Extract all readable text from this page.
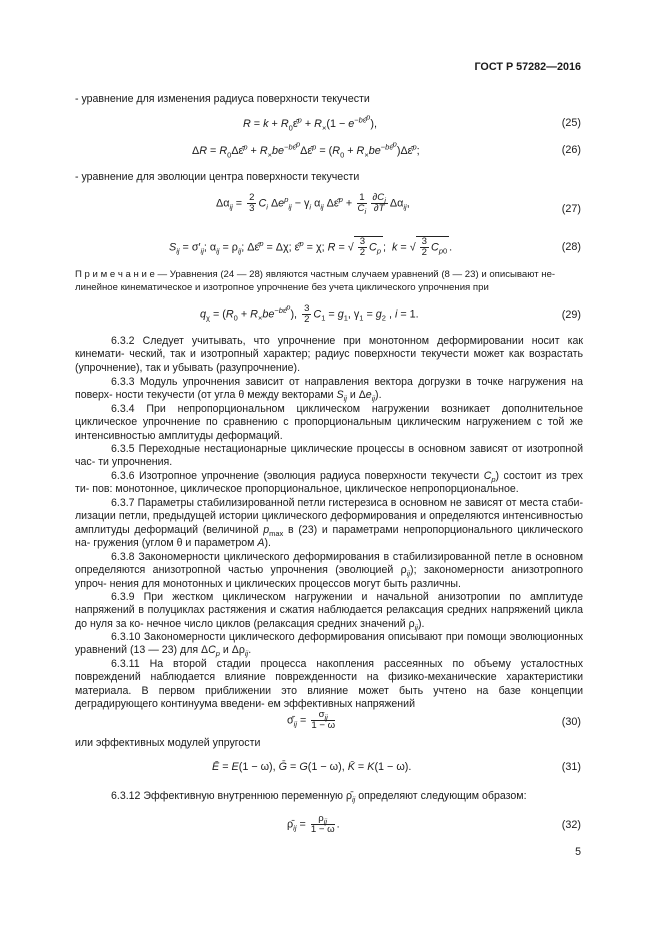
ГОСТ Р 57282—2016
- уравнение для изменения радиуса поверхности текучести
$R = k + R_0\varepsilon̂^p + R_\times(1 - e^{-b\varepsilon̂^p})$,	(25)
$\Delta R = R_0\Delta\varepsilon̂^p$ + $R_\times be^{-b\varepsilon̂^p}\Delta\varepsilon̂^p = (R_0$ + $R_\times be^{-b\varepsilon̄^p})\Delta\varepsilon̂^p$;	(26)
- уравнение для эволюции центра поверхности текучести
$\Delta\alpha_{ij} = \frac{2}{3} C_i$ $\Delta e^p_{ij} - \gamma_i$ $\alpha_{ij}$ Δε̂$^p$ + $\frac{1}{C_i} \frac{\partial C_i}{\partial T} \Delta\alpha_{ij}$,	(27)
$S_{ij} = \sigma'_{ij}$; $\alpha_{ij} = \rho_{ij}$; Δε̂$^p$ = Δχ; ε̂$^p$ = χ; R = √ $\frac{3}{2} C_p$ ;  k = √ $\frac{3}{2} C_{p0}$ .	(28)
П р и м е ч а н и е — Уравнения (24 — 28) являются частным случаем уравнений (8 — 23) и описывают не-
линейное кинематическое и изотропное упрочнение без учета циклического упрочнения при
$q_\chi = (R_0 + R_\times be^{-b\varepsilon̂^p})$, $\frac{3}{2} C_1 = g_1$, $\gamma_1 = g_2$ , i = 1.	(29)
6.3.2 Следует учитывать, что упрочнение при монотонном деформировании носит как кинемати- ческий, так и изотропный характер; радиус поверхности текучести может как возрастать (упрочнение), так и убывать (разупрочнение).
6.3.3 Модуль упрочнения зависит от направления вектора догрузки в точке нагружения на поверх- ности текучести (от угла θ между векторами $S_{ij}$ и $\Delta e_{ij}$).
6.3.4 При непропорциональном циклическом нагружении возникает дополнительное циклическое упрочнение по сравнению с пропорциональным циклическим нагружением с той же интенсивностью амплитуды деформаций.
6.3.5 Переходные нестационарные циклические процессы в основном зависят от изотропной час- ти упрочнения.
6.3.6 Изотропное упрочнение (эволюция радиуса поверхности текучести $C_p$) состоит из трех ти- пов: монотонное, циклическое пропорциональное, циклическое непропорциональное.
6.3.7 Параметры стабилизированной петли гистерезиса в основном не зависят от места стаби- лизации петли, предыдущей истории циклического деформирования и определяются интенсивностью амплитуды деформаций (величиной $p_{max}$ в (23) и параметрами непропорционального циклического на- гружения (углом θ и параметром A).
6.3.8 Закономерности циклического деформирования в стабилизированной петле в основном определяются анизотропной частью упрочнения (эволюцией $\rho_{ij}$); закономерности анизотропного упроч- нения для монотонных и циклических процессов могут быть различны.
6.3.9 При жестком циклическом нагружении и начальной анизотропии по амплитуде напряжений в полуциклах растяжения и сжатия наблюдается релаксация средних напряжений цикла до нуля за ко- нечное число циклов (релаксация средних значений $\rho_{ij}$).
6.3.10 Закономерности циклического деформирования описывают при помощи эволюционных уравнений (13 — 23) для $\Delta C_p$ и $\Delta\rho_{ij}$.
6.3.11 На второй стадии процесса накопления рассеянных по объему усталостных повреждений наблюдается влияние поврежденности на физико-механические характеристики материала. В первом приближении это влияние может быть учтено на базе концепции деградирующего континуума введени- ем эффективных напряжений
$\sigmā_{ij} = \frac{\sigma_{ij}}{1 - \omega}$	(30)
или эффективных модулей упругости
Ē = E(1 − ω), Ḡ = G(1 − ω), K̄ = K(1 − ω).	(31)
6.3.12 Эффективную внутреннюю переменную $\rhō_{ij}$ определяют следующим образом:
$\rhō_{ij} = \frac{\rho_{ij}}{1 - \omega}$ .	(32)
5
